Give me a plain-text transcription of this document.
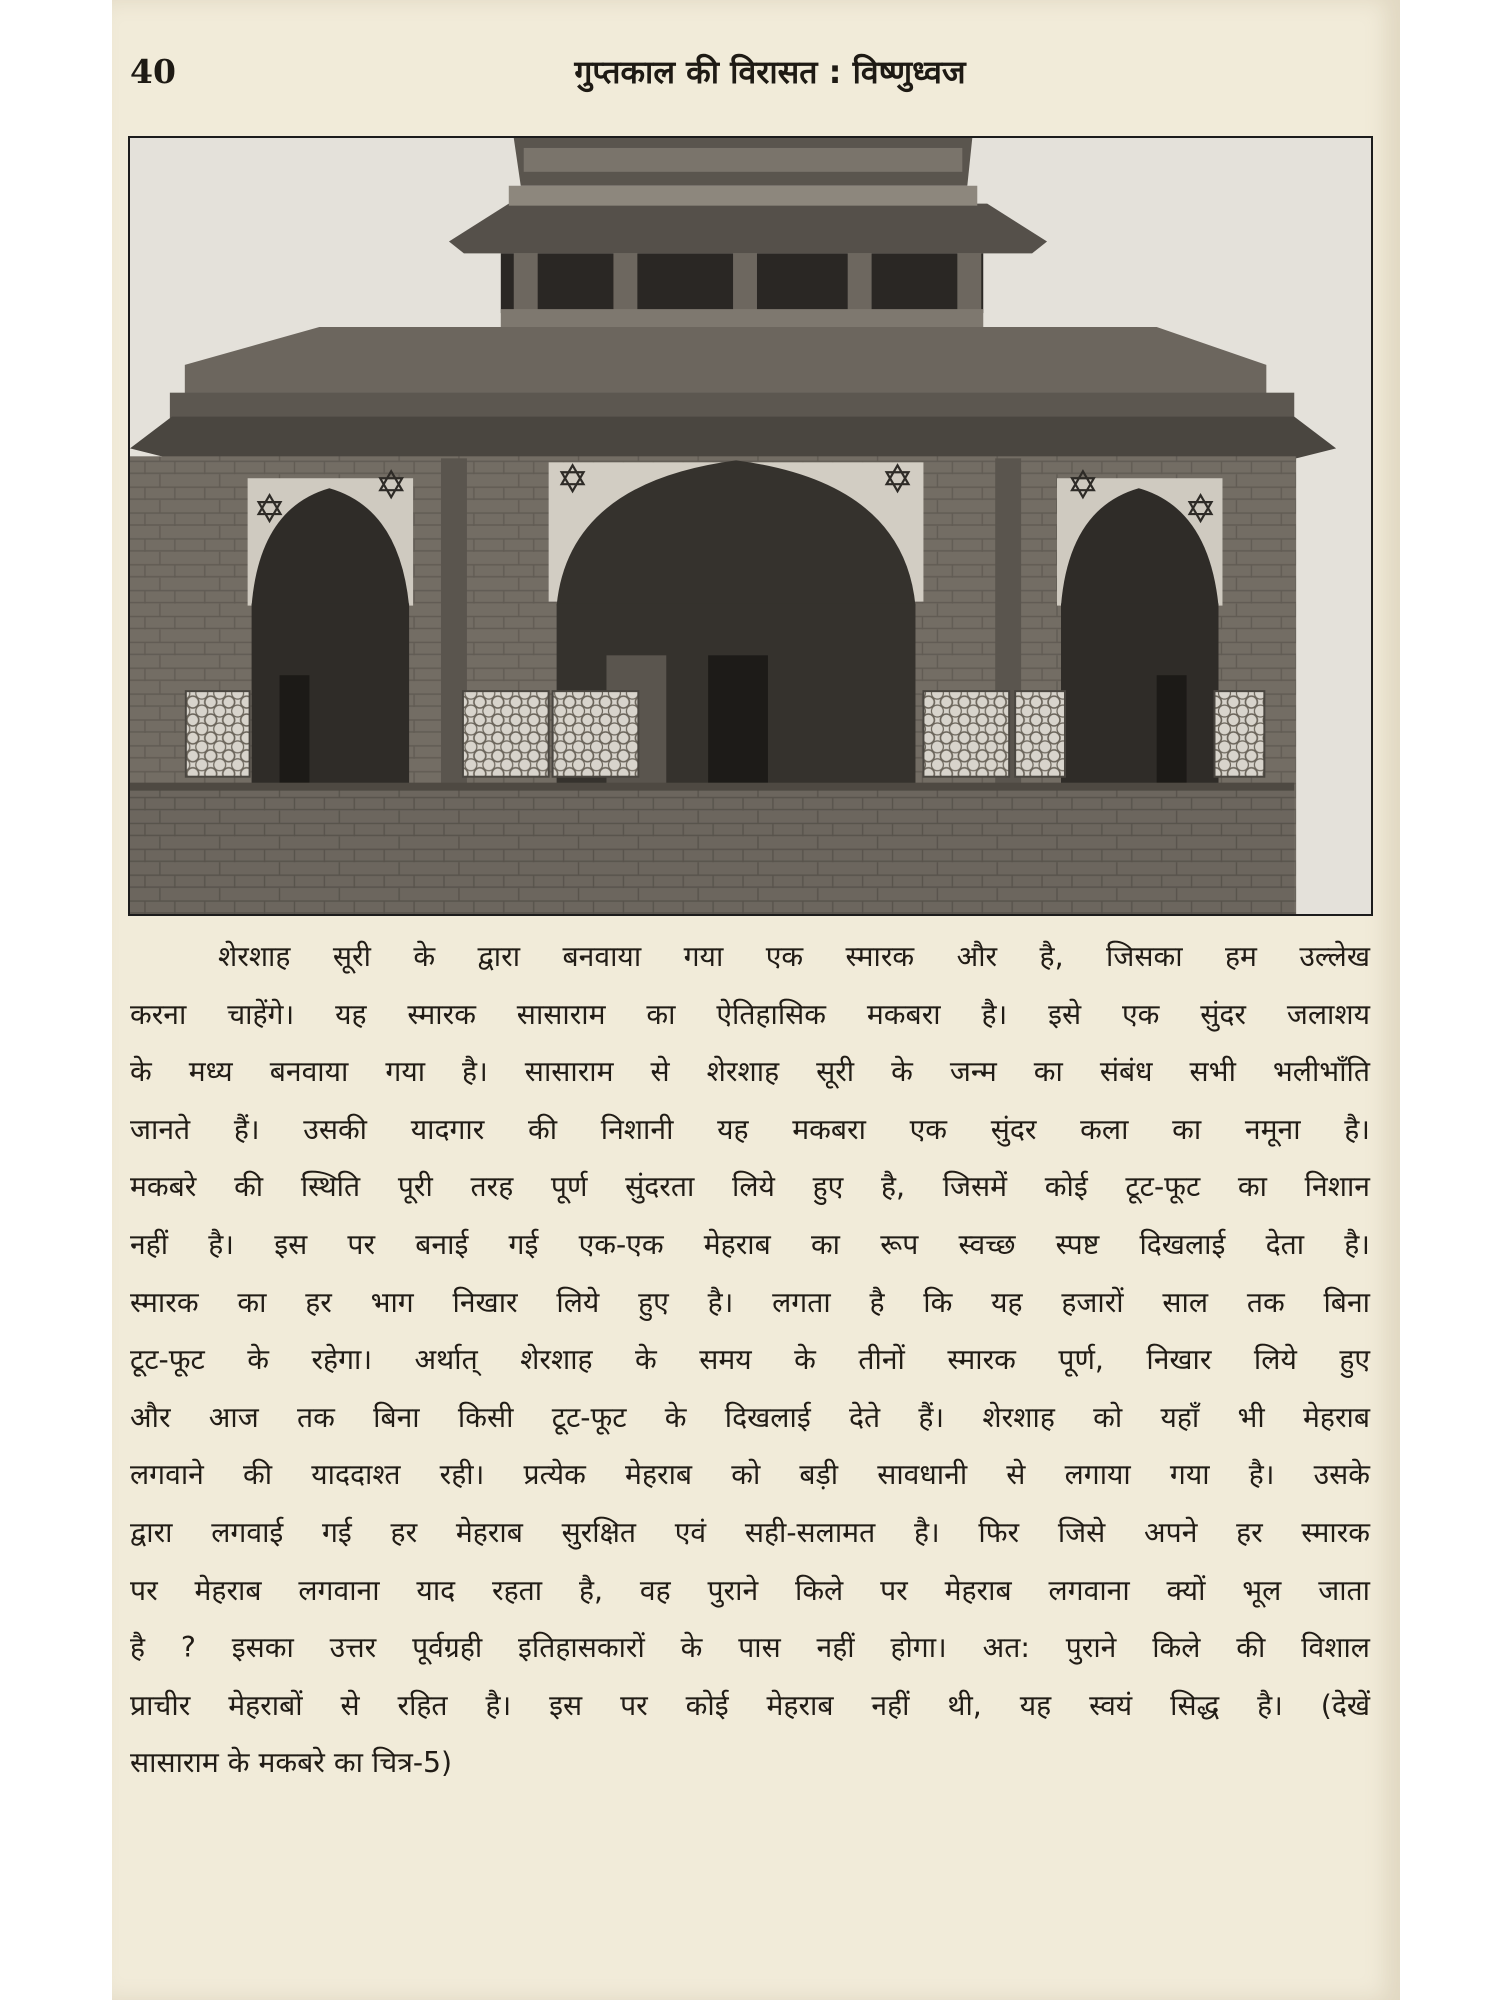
40	गुप्तकाल की विरासत : विष्णुध्वज
शेरशाह सूरी के द्वारा बनवाया गया एक स्मारक और है, जिसका हम उल्लेख
करना चाहेंगे। यह स्मारक सासाराम का ऐतिहासिक मकबरा है। इसे एक सुंदर जलाशय
के मध्य बनवाया गया है। सासाराम से शेरशाह सूरी के जन्म का संबंध सभी भलीभाँति
जानते हैं। उसकी यादगार की निशानी यह मकबरा एक सुंदर कला का नमूना है।
मकबरे की स्थिति पूरी तरह पूर्ण सुंदरता लिये हुए है, जिसमें कोई टूट-फूट का निशान
नहीं है। इस पर बनाई गई एक-एक मेहराब का रूप स्वच्छ स्पष्ट दिखलाई देता है।
स्मारक का हर भाग निखार लिये हुए है। लगता है कि यह हजारों साल तक बिना
टूट-फूट के रहेगा। अर्थात् शेरशाह के समय के तीनों स्मारक पूर्ण, निखार लिये हुए
और आज तक बिना किसी टूट-फूट के दिखलाई देते हैं। शेरशाह को यहाँ भी मेहराब
लगवाने की याददाश्त रही। प्रत्येक मेहराब को बड़ी सावधानी से लगाया गया है। उसके
द्वारा लगवाई गई हर मेहराब सुरक्षित एवं सही-सलामत है। फिर जिसे अपने हर स्मारक
पर मेहराब लगवाना याद रहता है, वह पुराने किले पर मेहराब लगवाना क्यों भूल जाता
है ? इसका उत्तर पूर्वग्रही इतिहासकारों के पास नहीं होगा। अत: पुराने किले की विशाल
प्राचीर मेहराबों से रहित है। इस पर कोई मेहराब नहीं थी, यह स्वयं सिद्ध है। (देखें
सासाराम के मकबरे का चित्र-5)
